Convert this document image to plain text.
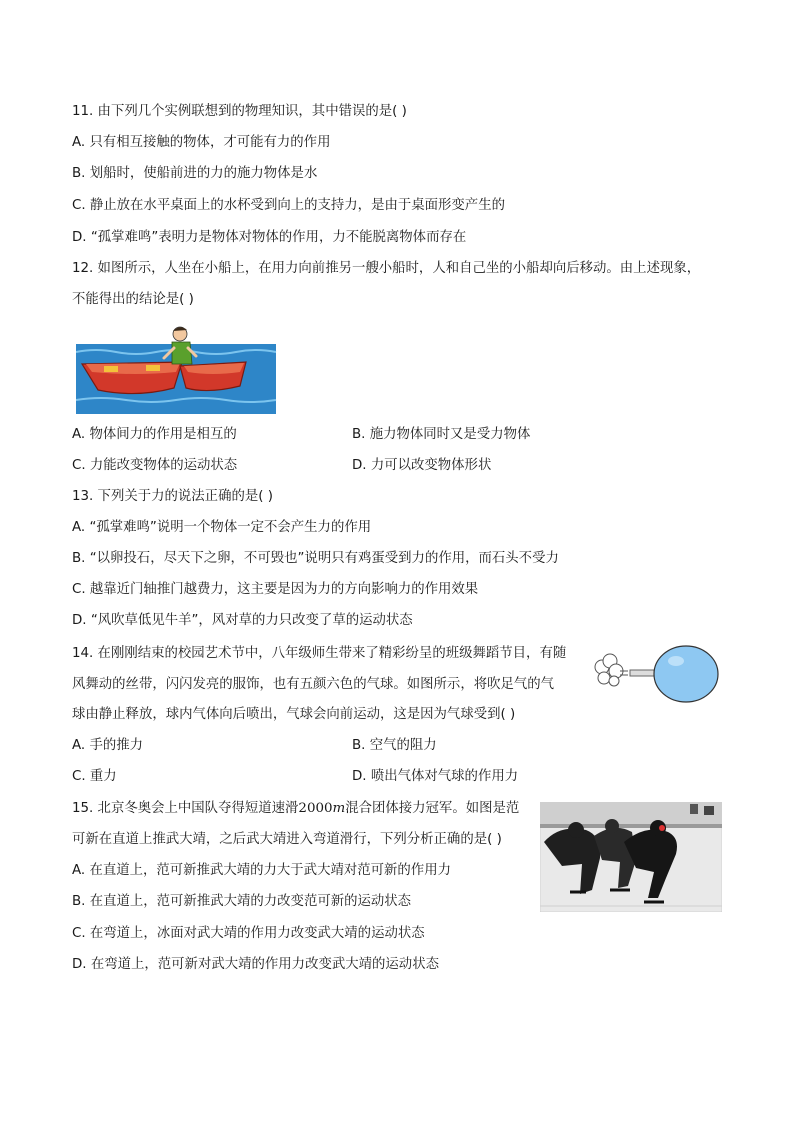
11. 由下列几个实例联想到的物理知识，其中错误的是( )
A. 只有相互接触的物体，才可能有力的作用
B. 划船时，使船前进的力的施力物体是水
C. 静止放在水平桌面上的水杯受到向上的支持力，是由于桌面形变产生的
D. “孤掌难鸣”表明力是物体对物体的作用，力不能脱离物体而存在
12. 如图所示，人坐在小船上，在用力向前推另一艘小船时，人和自己坐的小船却向后移动。由上述现象，
不能得出的结论是( )
A. 物体间力的作用是相互的	B. 施力物体同时又是受力物体
C. 力能改变物体的运动状态	D. 力可以改变物体形状
13. 下列关于力的说法正确的是( )
A. “孤掌难鸣”说明一个物体一定不会产生力的作用
B. “以卵投石，尽天下之卵，不可毁也”说明只有鸡蛋受到力的作用，而石头不受力
C. 越靠近门轴推门越费力，这主要是因为力的方向影响力的作用效果
D. “风吹草低见牛羊”，风对草的力只改变了草的运动状态
14. 在刚刚结束的校园艺术节中，八年级师生带来了精彩纷呈的班级舞蹈节目，有随
风舞动的丝带，闪闪发亮的服饰，也有五颜六色的气球。如图所示，将吹足气的气
球由静止释放，球内气体向后喷出，气球会向前运动，这是因为气球受到( )
A. 手的推力	B. 空气的阻力
C. 重力	D. 喷出气体对气球的作用力
15. 北京冬奥会上中国队夺得短道速滑2000m混合团体接力冠军。如图是范
可新在直道上推武大靖，之后武大靖进入弯道滑行，下列分析正确的是( )
A. 在直道上，范可新推武大靖的力大于武大靖对范可新的作用力
B. 在直道上，范可新推武大靖的力改变范可新的运动状态
C. 在弯道上，冰面对武大靖的作用力改变武大靖的运动状态
D. 在弯道上，范可新对武大靖的作用力改变武大靖的运动状态
